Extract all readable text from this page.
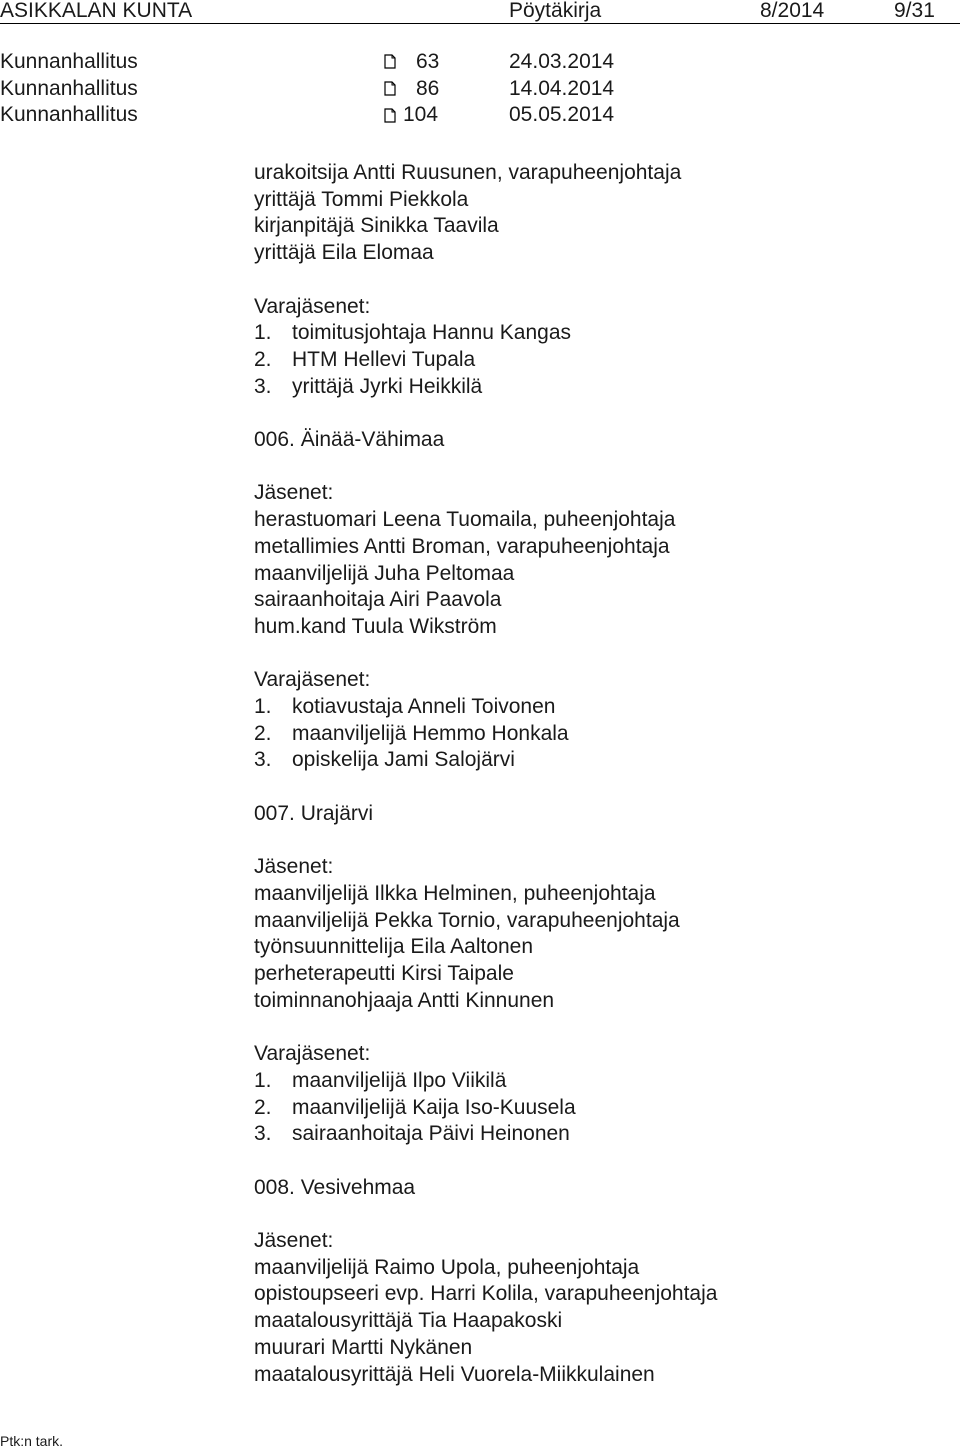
ASIKKALAN KUNTA	Pöytäkirja	8/2014	9/31
Kunnanhallitus	63	24.03.2014
Kunnanhallitus	86	14.04.2014
Kunnanhallitus	104	05.05.2014
urakoitsija Antti Ruusunen, varapuheenjohtaja
yrittäjä Tommi Piekkola
kirjanpitäjä Sinikka Taavila
yrittäjä Eila Elomaa
Varajäsenet:
1. toimitusjohtaja Hannu Kangas
2. HTM Hellevi Tupala
3. yrittäjä Jyrki Heikkilä
006. Äinää-Vähimaa
Jäsenet:
herastuomari Leena Tuomaila, puheenjohtaja
metallimies Antti Broman, varapuheenjohtaja
maanviljelijä Juha Peltomaa
sairaanhoitaja Airi Paavola
hum.kand Tuula Wikström
Varajäsenet:
1. kotiavustaja Anneli Toivonen
2. maanviljelijä Hemmo Honkala
3. opiskelija Jami Salojärvi
007. Urajärvi
Jäsenet:
maanviljelijä Ilkka Helminen, puheenjohtaja
maanviljelijä Pekka Tornio, varapuheenjohtaja
työnsuunnittelija Eila Aaltonen
perheterapeutti Kirsi Taipale
toiminnanohjaaja Antti Kinnunen
Varajäsenet:
1. maanviljelijä Ilpo Viikilä
2. maanviljelijä Kaija Iso-Kuusela
3. sairaanhoitaja Päivi Heinonen
008. Vesivehmaa
Jäsenet:
maanviljelijä Raimo Upola, puheenjohtaja
opistoupseeri evp. Harri Kolila, varapuheenjohtaja
maatalousyrittäjä Tia Haapakoski
muurari Martti Nykänen
maatalousyrittäjä Heli Vuorela-Miikkulainen
Ptk:n tark.
